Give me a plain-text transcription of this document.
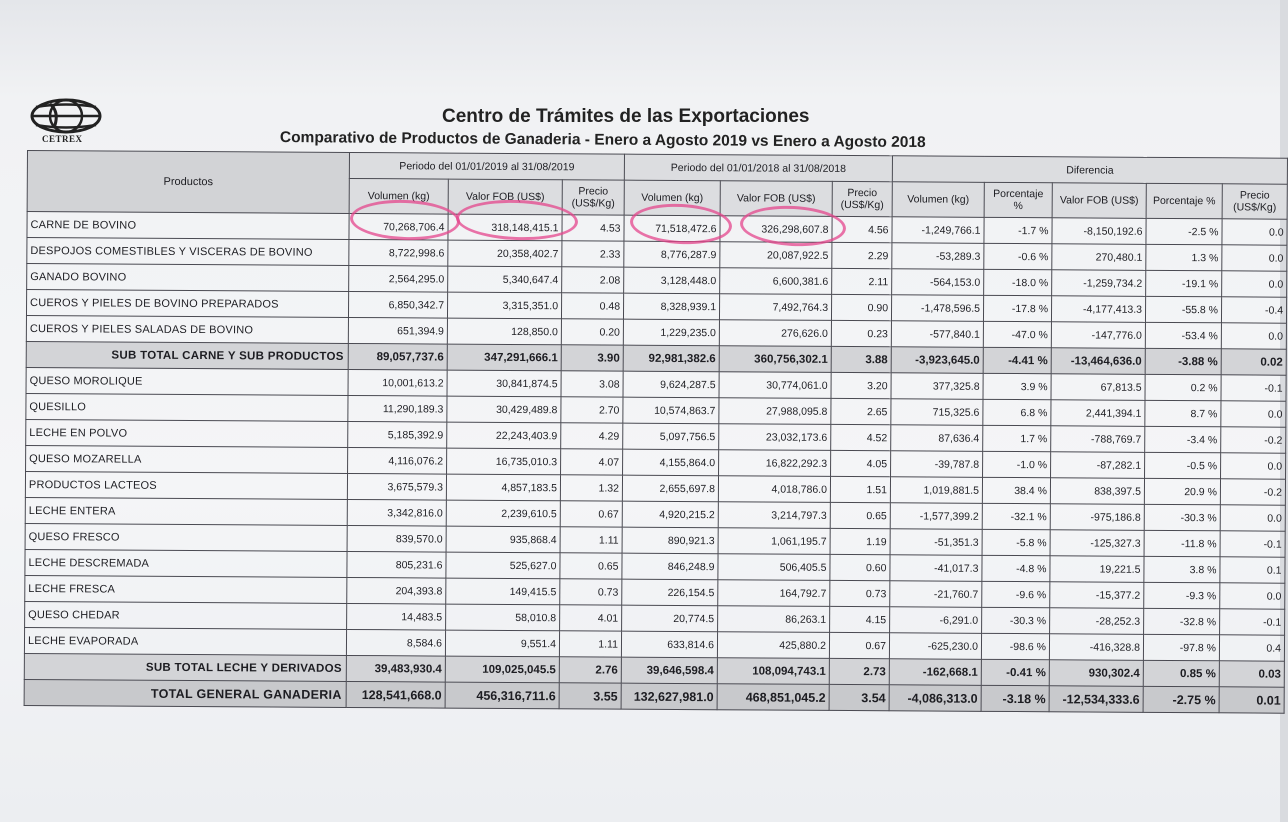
CETREX
Centro de Trámites de las Exportaciones
Comparativo de Productos de Ganaderia - Enero a Agosto 2019 vs Enero a Agosto 2018
Productos	Periodo del 01/01/2019 al 31/08/2019			Periodo del 01/01/2018 al 31/08/2018			Diferencia				
	Volumen (kg)	Valor FOB (US$)	Precio (US$/Kg)	Volumen (kg)	Valor FOB (US$)	Precio (US$/Kg)	Volumen (kg)	Porcentaje %	Valor FOB (US$)	Porcentaje %	Precio (US$/Kg)
CARNE DE BOVINO	70,268,706.4	318,148,415.1	4.53	71,518,472.6	326,298,607.8	4.56	-1,249,766.1	-1.7 %	-8,150,192.6	-2.5 %	0.0
DESPOJOS COMESTIBLES Y VISCERAS DE BOVINO	8,722,998.6	20,358,402.7	2.33	8,776,287.9	20,087,922.5	2.29	-53,289.3	-0.6 %	270,480.1	1.3 %	0.0
GANADO BOVINO	2,564,295.0	5,340,647.4	2.08	3,128,448.0	6,600,381.6	2.11	-564,153.0	-18.0 %	-1,259,734.2	-19.1 %	0.0
CUEROS Y PIELES DE BOVINO PREPARADOS	6,850,342.7	3,315,351.0	0.48	8,328,939.1	7,492,764.3	0.90	-1,478,596.5	-17.8 %	-4,177,413.3	-55.8 %	-0.4
CUEROS Y PIELES SALADAS DE BOVINO	651,394.9	128,850.0	0.20	1,229,235.0	276,626.0	0.23	-577,840.1	-47.0 %	-147,776.0	-53.4 %	0.0
SUB TOTAL CARNE Y SUB PRODUCTOS	89,057,737.6	347,291,666.1	3.90	92,981,382.6	360,756,302.1	3.88	-3,923,645.0	-4.41 %	-13,464,636.0	-3.88 %	0.02
QUESO MOROLIQUE	10,001,613.2	30,841,874.5	3.08	9,624,287.5	30,774,061.0	3.20	377,325.8	3.9 %	67,813.5	0.2 %	-0.1
QUESILLO	11,290,189.3	30,429,489.8	2.70	10,574,863.7	27,988,095.8	2.65	715,325.6	6.8 %	2,441,394.1	8.7 %	0.0
LECHE EN POLVO	5,185,392.9	22,243,403.9	4.29	5,097,756.5	23,032,173.6	4.52	87,636.4	1.7 %	-788,769.7	-3.4 %	-0.2
QUESO MOZARELLA	4,116,076.2	16,735,010.3	4.07	4,155,864.0	16,822,292.3	4.05	-39,787.8	-1.0 %	-87,282.1	-0.5 %	0.0
PRODUCTOS LACTEOS	3,675,579.3	4,857,183.5	1.32	2,655,697.8	4,018,786.0	1.51	1,019,881.5	38.4 %	838,397.5	20.9 %	-0.2
LECHE ENTERA	3,342,816.0	2,239,610.5	0.67	4,920,215.2	3,214,797.3	0.65	-1,577,399.2	-32.1 %	-975,186.8	-30.3 %	0.0
QUESO FRESCO	839,570.0	935,868.4	1.11	890,921.3	1,061,195.7	1.19	-51,351.3	-5.8 %	-125,327.3	-11.8 %	-0.1
LECHE DESCREMADA	805,231.6	525,627.0	0.65	846,248.9	506,405.5	0.60	-41,017.3	-4.8 %	19,221.5	3.8 %	0.1
LECHE FRESCA	204,393.8	149,415.5	0.73	226,154.5	164,792.7	0.73	-21,760.7	-9.6 %	-15,377.2	-9.3 %	0.0
QUESO CHEDAR	14,483.5	58,010.8	4.01	20,774.5	86,263.1	4.15	-6,291.0	-30.3 %	-28,252.3	-32.8 %	-0.1
LECHE EVAPORADA	8,584.6	9,551.4	1.11	633,814.6	425,880.2	0.67	-625,230.0	-98.6 %	-416,328.8	-97.8 %	0.4
SUB TOTAL LECHE Y DERIVADOS	39,483,930.4	109,025,045.5	2.76	39,646,598.4	108,094,743.1	2.73	-162,668.1	-0.41 %	930,302.4	0.85 %	0.03
TOTAL GENERAL GANADERIA	128,541,668.0	456,316,711.6	3.55	132,627,981.0	468,851,045.2	3.54	-4,086,313.0	-3.18 %	-12,534,333.6	-2.75 %	0.01
